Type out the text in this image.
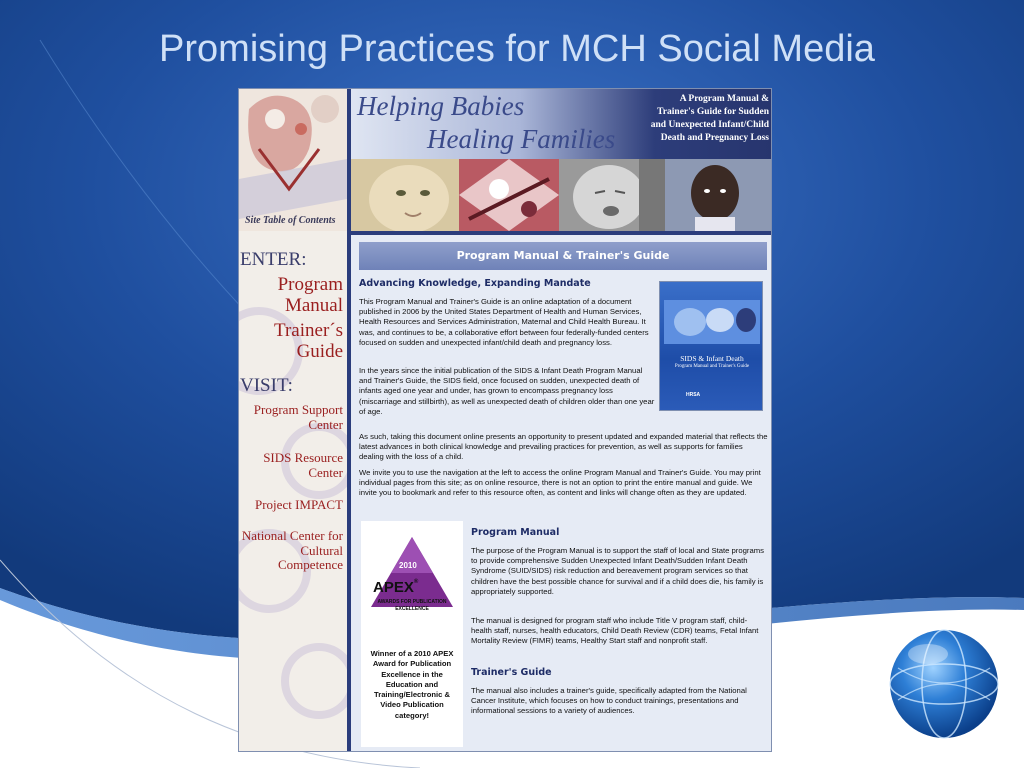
Promising Practices for MCH Social Media
Site Table of Contents
ENTER:
Program Manual
Trainer´s Guide
VISIT:
Program Support Center
SIDS Resource Center
Project IMPACT
National Center for Cultural Competence
Helping Babies
Healing Families
A Program Manual & Trainer's Guide for Sudden and Unexpected Infant/Child Death and Pregnancy Loss
Program Manual & Trainer's Guide
Advancing Knowledge, Expanding Mandate
This Program Manual and Trainer's Guide is an online adaptation of a document published in 2006 by the United States Department of Health and Human Services, Health Resources and Services Administration, Maternal and Child Health Bureau. It was, and continues to be, a collaborative effort between four federally-funded centers focused on sudden and unexpected infant/child death and pregnancy loss.
In the years since the initial publication of the SIDS & Infant Death Program Manual and Trainer's Guide, the SIDS field, once focused on sudden, unexpected death of infants aged one year and under, has grown to encompass pregnancy loss (miscarriage and stillbirth), as well as unexpected death of children older than one year of age.
SIDS & Infant Death
Program Manual and Trainer's Guide
HRSA
As such, taking this document online presents an opportunity to present updated and expanded material that reflects the latest advances in both clinical knowledge and prevailing practices for prevention, as well as supports for families dealing with the loss of a child.
We invite you to use the navigation at the left to access the online Program Manual and Trainer's Guide. You may print individual pages from this site; as on online resource, there is not an option to print the entire manual and guide. We invite you to bookmark and refer to this resource often, as content and links will change often as they are updated.
2010
APEX®
AWARDS FOR PUBLICATION EXCELLENCE
Winner of a 2010 APEX Award for Publication Excellence in the Education and Training/Electronic & Video Publication category!
Program Manual
The purpose of the Program Manual is to support the staff of local and State programs to provide comprehensive Sudden Unexpected Infant Death/Sudden Infant Death Syndrome (SUID/SIDS) risk reduction and bereavement program services so that children have the best possible chance for survival and if a child does die, his family is appropriately supported.
The manual is designed for program staff who include Title V program staff, child-health staff, nurses, health educators, Child Death Review (CDR) teams, Fetal Infant Mortality Review (FIMR) teams, Healthy Start staff and nonprofit staff.
Trainer's Guide
The manual also includes a trainer's guide, specifically adapted from the National Cancer Institute, which focuses on how to conduct trainings, presentations and informational sessions to a variety of audiences.
